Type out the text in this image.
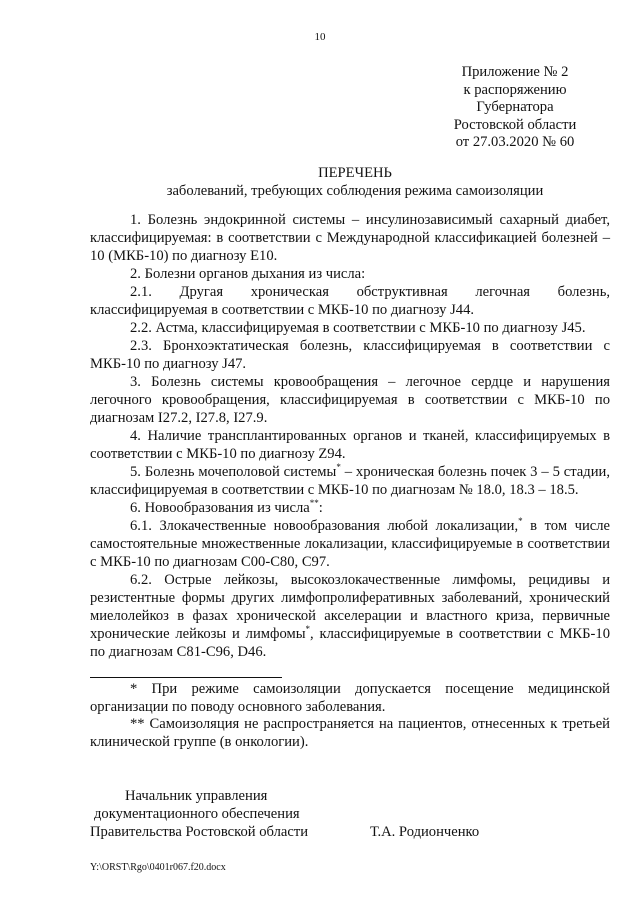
10
Приложение № 2
к распоряжению
Губернатора
Ростовской области
от 27.03.2020 № 60
ПЕРЕЧЕНЬ
заболеваний, требующих соблюдения режима самоизоляции

1. Болезнь эндокринной системы – инсулинозависимый сахарный диабет, классифицируемая: в соответствии с Международной классификацией болезней – 10 (МКБ-10) по диагнозу Е10.

2. Болезни органов дыхания из числа:

2.1. Другая хроническая обструктивная легочная болезнь, классифицируемая в соответствии с МКБ-10 по диагнозу J44.

2.2. Астма, классифицируемая в соответствии с МКБ-10 по диагнозу J45.

2.3. Бронхоэктатическая болезнь, классифицируемая в соответствии с МКБ-10 по диагнозу J47.

3. Болезнь системы кровообращения – легочное сердце и нарушения легочного кровообращения, классифицируемая в соответствии с МКБ-10 по диагнозам I27.2, I27.8, I27.9.

4. Наличие трансплантированных органов и тканей, классифицируемых в соответствии с МКБ-10 по диагнозу Z94.

5. Болезнь мочеполовой системы* – хроническая болезнь почек 3 – 5 стадии, классифицируемая в соответствии с МКБ-10 по диагнозам № 18.0, 18.3 – 18.5.

6. Новообразования из числа**:

6.1. Злокачественные новообразования любой локализации,* в том числе самостоятельные множественные локализации, классифицируемые в соответствии с МКБ-10 по диагнозам С00-С80, С97.

6.2. Острые лейкозы, высокозлокачественные лимфомы, рецидивы и резистентные формы других лимфопролиферативных заболеваний, хронический миелолейкоз в фазах хронической акселерации и властного криза, первичные хронические лейкозы и лимфомы*, классифицируемые в соответствии с МКБ-10 по диагнозам С81-С96, D46.

* При режиме самоизоляции допускается посещение медицинской организации по поводу основного заболевания.

** Самоизоляция не распространяется на пациентов, отнесенных к третьей клинической группе (в онкологии).

Начальник управления
документационного обеспечения
Правительства Ростовской области	Т.А. Родионченко
Y:\ORST\Rgo\0401r067.f20.docx
